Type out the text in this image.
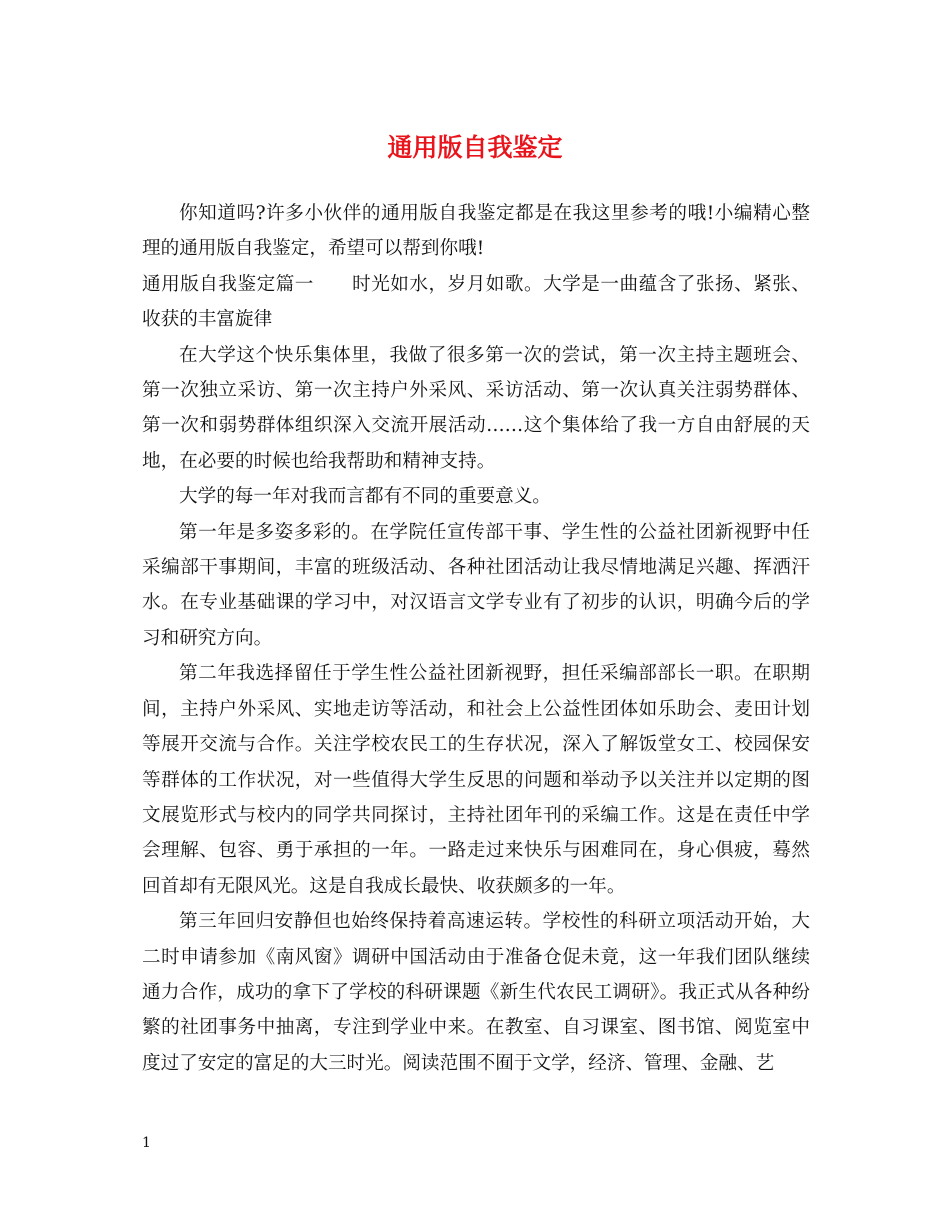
通用版自我鉴定

你知道吗?许多小伙伴的通用版自我鉴定都是在我这里参考的哦!小编精心整理的通用版自我鉴定，希望可以帮到你哦!

通用版自我鉴定篇一　　时光如水，岁月如歌。大学是一曲蕴含了张扬、紧张、收获的丰富旋律

在大学这个快乐集体里，我做了很多第一次的尝试，第一次主持主题班会、第一次独立采访、第一次主持户外采风、采访活动、第一次认真关注弱势群体、第一次和弱势群体组织深入交流开展活动……这个集体给了我一方自由舒展的天地，在必要的时候也给我帮助和精神支持。

大学的每一年对我而言都有不同的重要意义。

第一年是多姿多彩的。在学院任宣传部干事、学生性的公益社团新视野中任采编部干事期间，丰富的班级活动、各种社团活动让我尽情地满足兴趣、挥洒汗水。在专业基础课的学习中，对汉语言文学专业有了初步的认识，明确今后的学习和研究方向。

第二年我选择留任于学生性公益社团新视野，担任采编部部长一职。在职期间，主持户外采风、实地走访等活动，和社会上公益性团体如乐助会、麦田计划等展开交流与合作。关注学校农民工的生存状况，深入了解饭堂女工、校园保安等群体的工作状况，对一些值得大学生反思的问题和举动予以关注并以定期的图文展览形式与校内的同学共同探讨，主持社团年刊的采编工作。这是在责任中学会理解、包容、勇于承担的一年。一路走过来快乐与困难同在，身心俱疲，蓦然回首却有无限风光。这是自我成长最快、收获颇多的一年。

第三年回归安静但也始终保持着高速运转。学校性的科研立项活动开始，大二时申请参加《南风窗》调研中国活动由于准备仓促未竟，这一年我们团队继续通力合作，成功的拿下了学校的科研课题《新生代农民工调研》。我正式从各种纷繁的社团事务中抽离，专注到学业中来。在教室、自习课室、图书馆、阅览室中度过了安定的富足的大三时光。阅读范围不囿于文学，经济、管理、金融、艺

1
